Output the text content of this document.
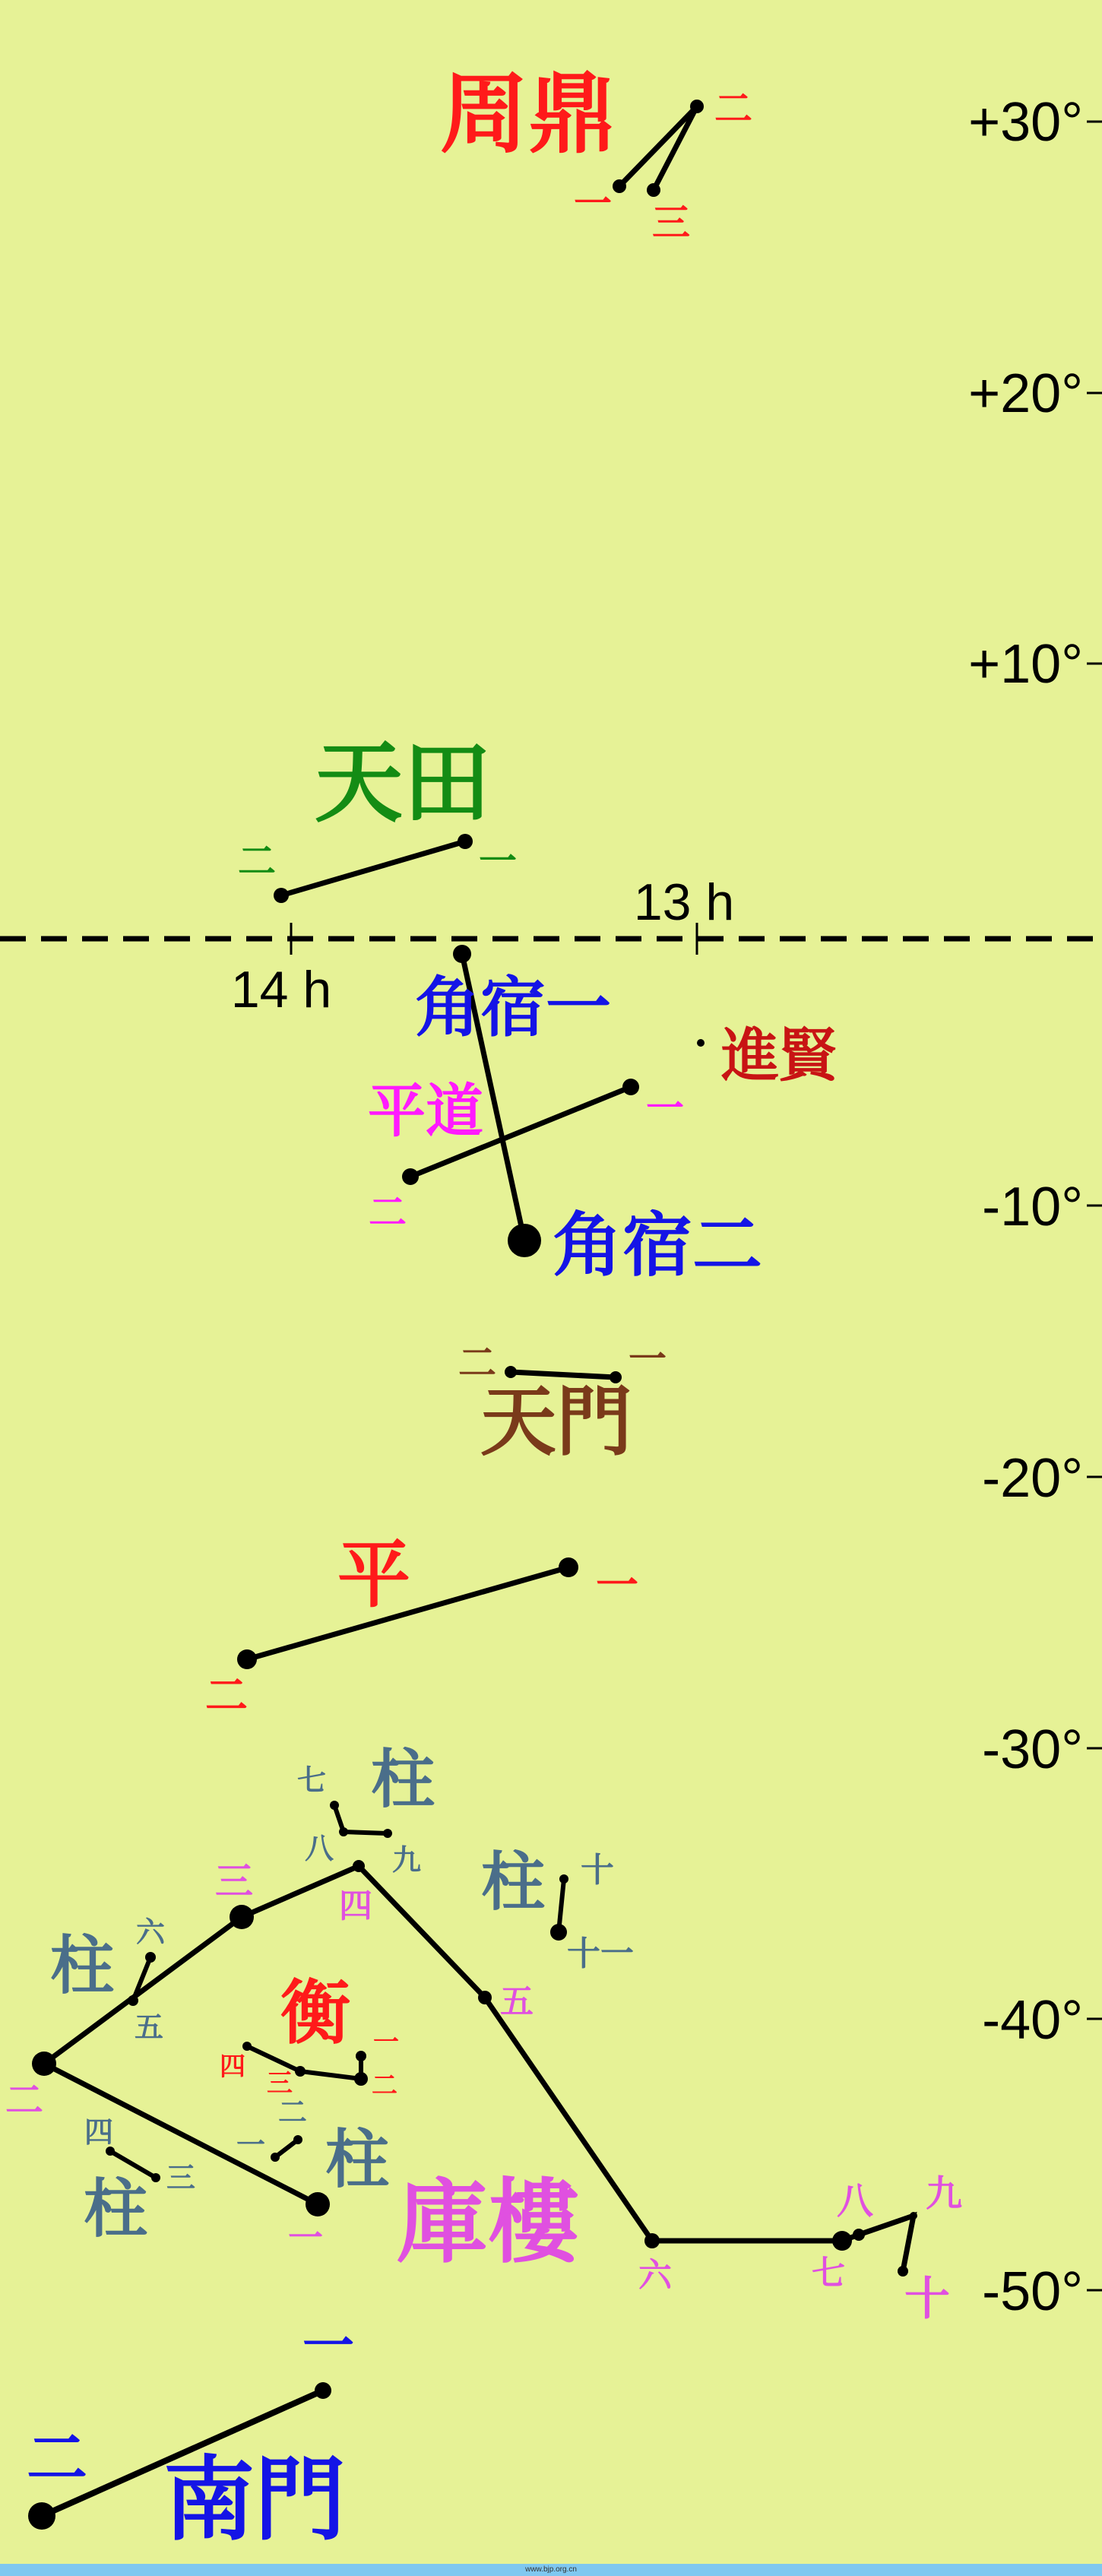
+30°
+20°
+10°
-10°
-20°
-30°
-40°
-50°
14 h
13 h
周鼎
一
二
三
天田
一
二
角宿一
角宿二
平道	一
二
進賢
天門
一
二
平	一
二
庫樓
一
二
三
四
五
六	七
八 九
十
柱
七
八 九 柱 十
十一
柱 六
五
柱
四
三 柱
一
二
衡 一
二
三
四
南門
一
二
www.bjp.org.cn
